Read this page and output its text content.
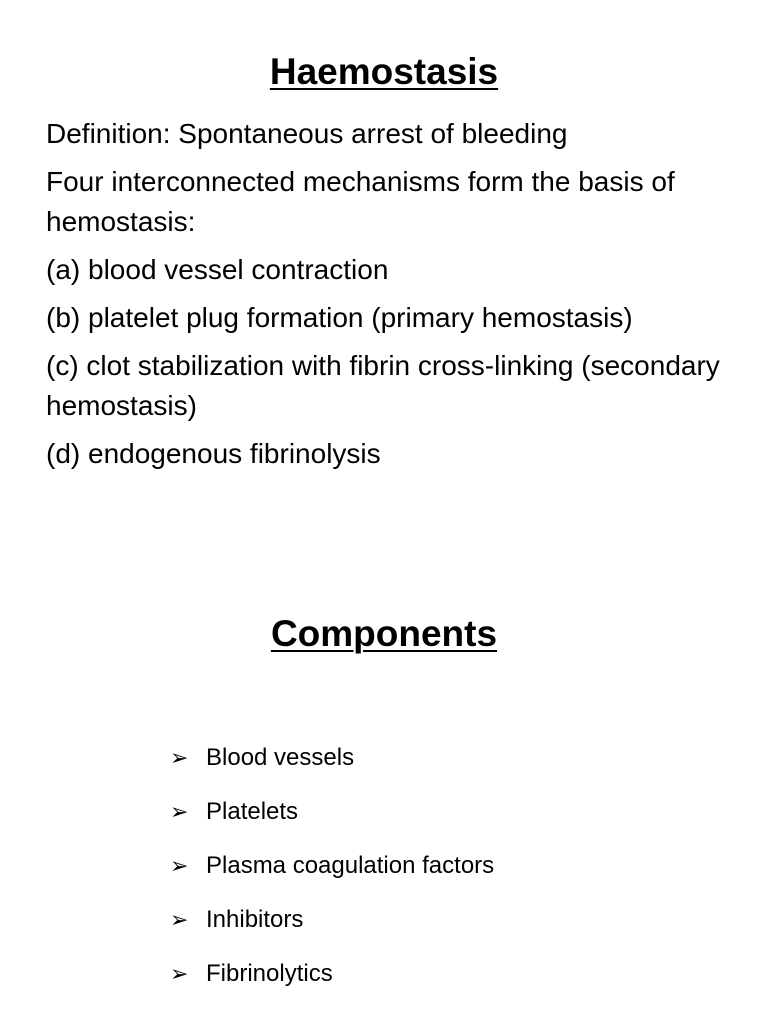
Haemostasis

Definition: Spontaneous arrest of bleeding

Four interconnected mechanisms form the basis of hemostasis:

(a) blood vessel contraction

(b) platelet plug formation (primary hemostasis)

(c) clot stabilization with fibrin cross-linking (secondary hemostasis)

(d) endogenous fibrinolysis

Components
➢ Blood vessels
➢ Platelets
➢ Plasma coagulation factors
➢ Inhibitors
➢ Fibrinolytics
